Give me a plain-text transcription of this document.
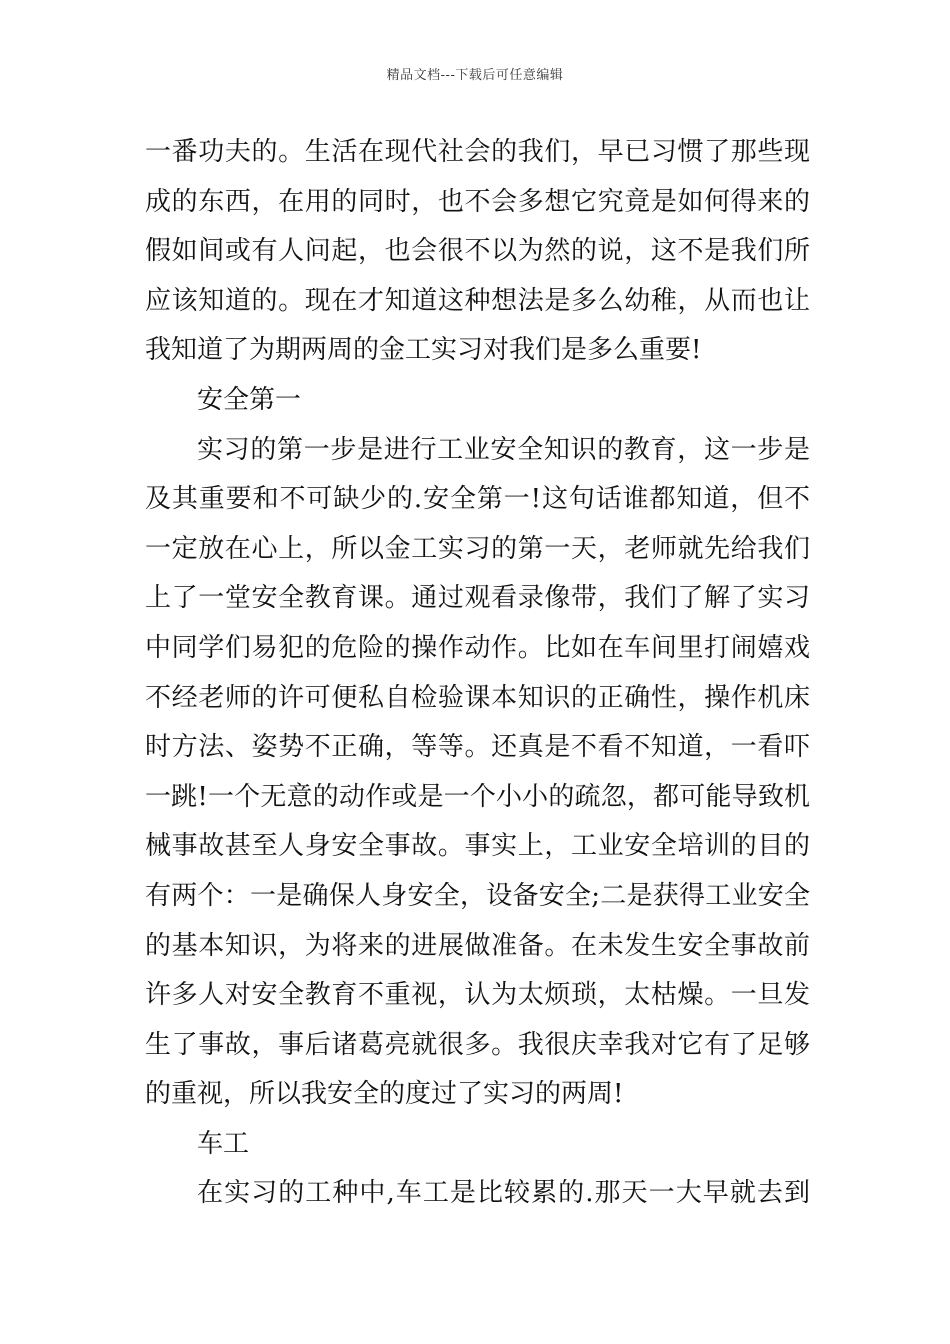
精品文档---下载后可任意编辑
一番功夫的。生活在现代社会的我们，早已习惯了那些现
成的东西，在用的同时，也不会多想它究竟是如何得来的
假如间或有人问起，也会很不以为然的说，这不是我们所
应该知道的。现在才知道这种想法是多么幼稚，从而也让
我知道了为期两周的金工实习对我们是多么重要!
安全第一
实习的第一步是进行工业安全知识的教育，这一步是
及其重要和不可缺少的.安全第一!这句话谁都知道，但不
一定放在心上，所以金工实习的第一天，老师就先给我们
上了一堂安全教育课。通过观看录像带，我们了解了实习
中同学们易犯的危险的操作动作。比如在车间里打闹嬉戏
不经老师的许可便私自检验课本知识的正确性，操作机床
时方法、姿势不正确，等等。还真是不看不知道，一看吓
一跳!一个无意的动作或是一个小小的疏忽，都可能导致机
械事故甚至人身安全事故。事实上，工业安全培训的目的
有两个：一是确保人身安全，设备安全;二是获得工业安全
的基本知识，为将来的进展做准备。在未发生安全事故前
许多人对安全教育不重视，认为太烦琐，太枯燥。一旦发
生了事故，事后诸葛亮就很多。我很庆幸我对它有了足够
的重视，所以我安全的度过了实习的两周!
车工
在实习的工种中,车工是比较累的.那天一大早就去到
